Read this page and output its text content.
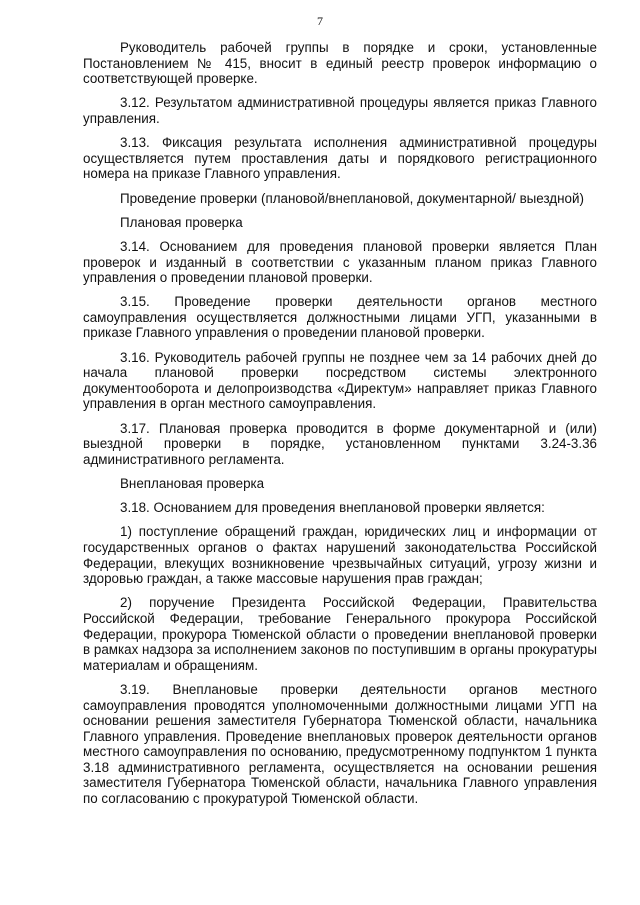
7

Руководитель рабочей группы в порядке и сроки, установленные Постановлением № 415, вносит в единый реестр проверок информацию о соответствующей проверке.

3.12. Результатом административной процедуры является приказ Главного управления.

3.13. Фиксация результата исполнения административной процедуры осуществляется путем проставления даты и порядкового регистрационного номера на приказе Главного управления.

Проведение проверки (плановой/внеплановой, документарной/ выездной)

Плановая проверка

3.14. Основанием для проведения плановой проверки является План проверок и изданный в соответствии с указанным планом приказ Главного управления о проведении плановой проверки.

3.15. Проведение проверки деятельности органов местного самоуправления осуществляется должностными лицами УГП, указанными в приказе Главного управления о проведении плановой проверки.

3.16. Руководитель рабочей группы не позднее чем за 14 рабочих дней до начала плановой проверки посредством системы электронного документооборота и делопроизводства «Директум» направляет приказ Главного управления в орган местного самоуправления.

3.17. Плановая проверка проводится в форме документарной и (или) выездной проверки в порядке, установленном пунктами 3.24-3.36 административного регламента.

Внеплановая проверка

3.18. Основанием для проведения внеплановой проверки является:

1) поступление обращений граждан, юридических лиц и информации от государственных органов о фактах нарушений законодательства Российской Федерации, влекущих возникновение чрезвычайных ситуаций, угрозу жизни и здоровью граждан, а также массовые нарушения прав граждан;

2) поручение Президента Российской Федерации, Правительства Российской Федерации, требование Генерального прокурора Российской Федерации, прокурора Тюменской области о проведении внеплановой проверки в рамках надзора за исполнением законов по поступившим в органы прокуратуры материалам и обращениям.

3.19. Внеплановые проверки деятельности органов местного самоуправления проводятся уполномоченными должностными лицами УГП на основании решения заместителя Губернатора Тюменской области, начальника Главного управления. Проведение внеплановых проверок деятельности органов местного самоуправления по основанию, предусмотренному подпунктом 1 пункта 3.18 административного регламента, осуществляется на основании решения заместителя Губернатора Тюменской области, начальника Главного управления по согласованию с прокуратурой Тюменской области.
